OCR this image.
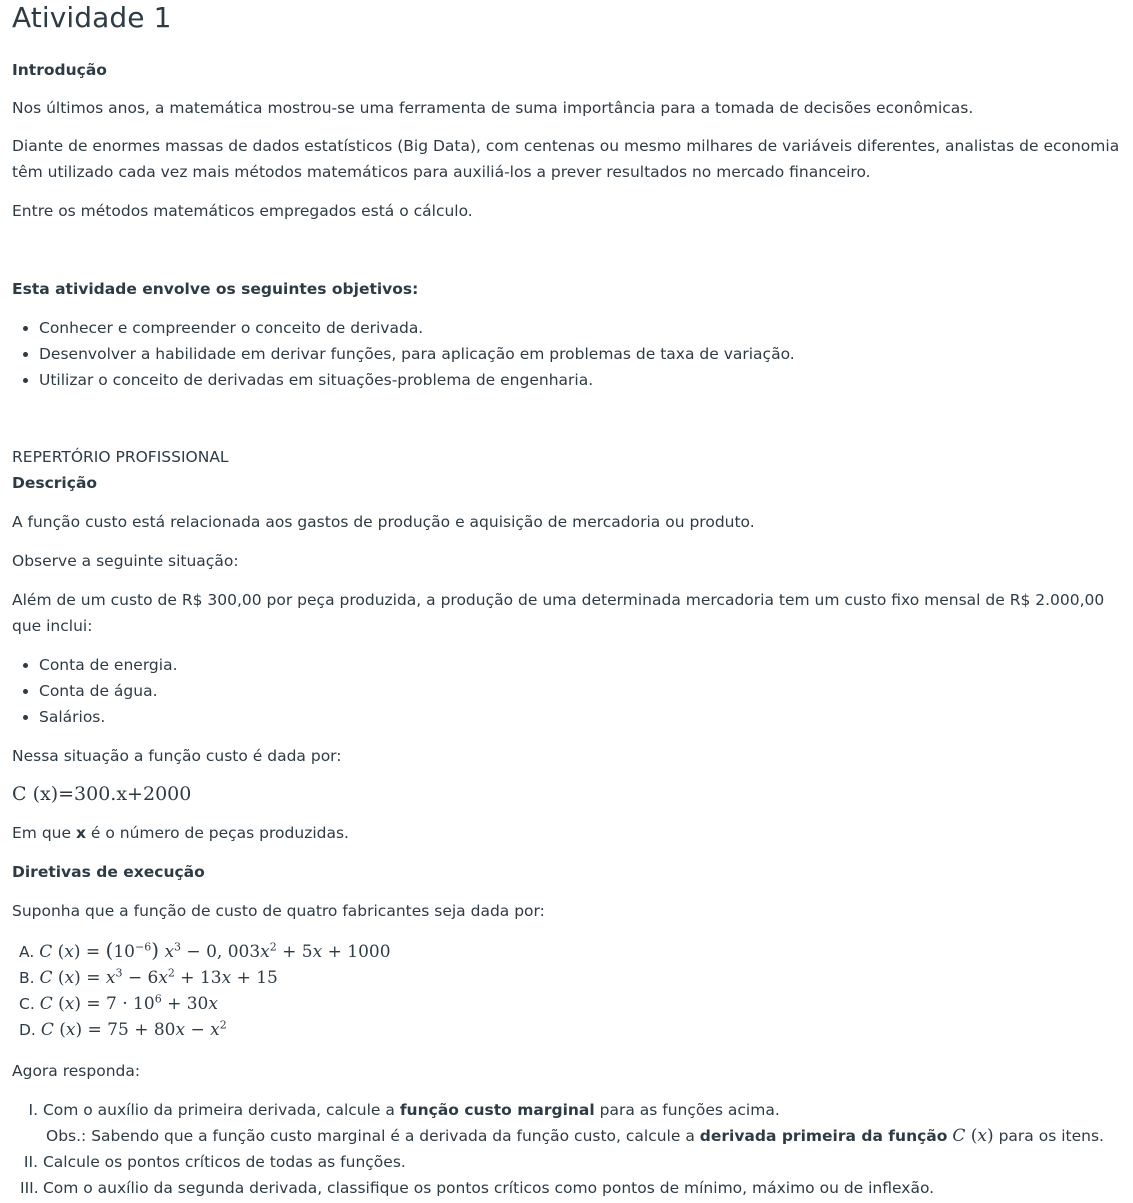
Atividade 1

Introdução

Nos últimos anos, a matemática mostrou-se uma ferramenta de suma importância para a tomada de decisões econômicas.

Diante de enormes massas de dados estatísticos (Big Data), com centenas ou mesmo milhares de variáveis diferentes, analistas de economia têm utilizado cada vez mais métodos matemáticos para auxiliá-los a prever resultados no mercado financeiro.

Entre os métodos matemáticos empregados está o cálculo.

Esta atividade envolve os seguintes objetivos:

• Conhecer e compreender o conceito de derivada.
• Desenvolver a habilidade em derivar funções, para aplicação em problemas de taxa de variação.
• Utilizar o conceito de derivadas em situações-problema de engenharia.

REPERTÓRIO PROFISSIONAL

Descrição

A função custo está relacionada aos gastos de produção e aquisição de mercadoria ou produto.

Observe a seguinte situação:

Além de um custo de R$ 300,00 por peça produzida, a produção de uma determinada mercadoria tem um custo fixo mensal de R$ 2.000,00 que inclui:

• Conta de energia.
• Conta de água.
• Salários.

Nessa situação a função custo é dada por:

C (x)=300.x+2000

Em que x é o número de peças produzidas.

Diretivas de execução

Suponha que a função de custo de quatro fabricantes seja dada por:

A. C $(x) = (10^{-6}) x^3 - 0$, $003x^2 + 5x + 1000$
B. C $(x) = x^3 - 6x^2 + 13x + 15$
C. C $(x) = 7 \cdot 10^6 + 30x$
D. C $(x) = 75 + 80x - x^2$

Agora responda:

I. Com o auxílio da primeira derivada, calcule a função custo marginal para as funções acima.
Obs.: Sabendo que a função custo marginal é a derivada da função custo, calcule a derivada primeira da função C (x) para os itens.
II. Calcule os pontos críticos de todas as funções.
III. Com o auxílio da segunda derivada, classifique os pontos críticos como pontos de mínimo, máximo ou de inflexão.
